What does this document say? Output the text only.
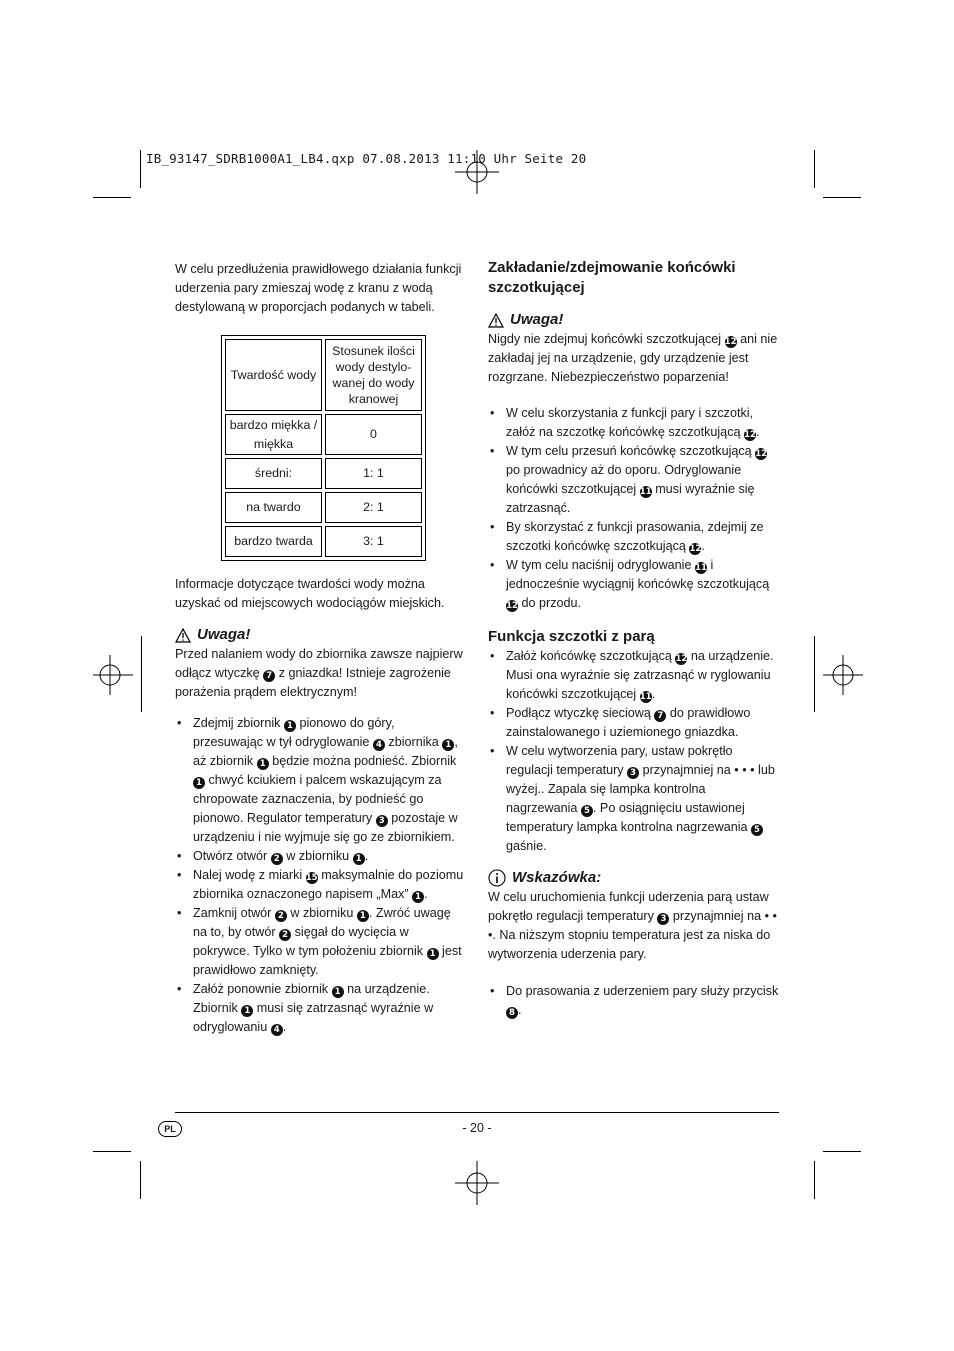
IB_93147_SDRB1000A1_LB4.qxp 07.08.2013 11:10 Uhr Seite 20

W celu przedłużenia prawidłowego działania funkcji uderzenia pary zmieszaj wodę z kranu z wodą destylowaną w proporcjach podanych w tabeli.

Twardość wody	Stosunek ilości wody destylo-wanej do wody kranowej
bardzo miękka / miękka	0
średni:	1: 1
na twardo	2: 1
bardzo twarda	3: 1

Informacje dotyczące twardości wody można uzyskać od miejscowych wodociągów miejskich.

Uwaga!

Przed nalaniem wody do zbiornika zawsze najpierw odłącz wtyczkę 7 z gniazdka! Istnieje zagrożenie porażenia prądem elektrycznym!

• Zdejmij zbiornik 1 pionowo do góry, przesuwając w tył odryglowanie 4 zbiornika 1 , aż zbiornik 1 będzie można podnieść. Zbiornik 1 chwyć kciukiem i palcem wskazującym za chropowate zaznaczenia, by podnieść go pionowo. Regulator temperatury 3 pozostaje w urządzeniu i nie wyjmuje się go ze zbiornikiem.
• Otwórz otwór 2 w zbiorniku 1 .
• Nalej wodę z miarki 15 maksymalnie do poziomu zbiornika oznaczonego napisem „Max” 1 .
• Zamknij otwór 2 w zbiorniku 1 . Zwróć uwagę na to, by otwór 2 sięgał do wycięcia w pokrywce. Tylko w tym położeniu zbiornik 1 jest prawidłowo zamknięty.
• Załóż ponownie zbiornik 1 na urządzenie. Zbiornik 1 musi się zatrzasnąć wyraźnie w odryglowaniu 4 .
Zakładanie/zdejmowanie końcówki szczotkującej
Uwaga!

Nigdy nie zdejmuj końcówki szczotkującej 12 ani nie zakładaj jej na urządzenie, gdy urządzenie jest rozgrzane. Niebezpieczeństwo poparzenia!

• W celu skorzystania z funkcji pary i szczotki, załóż na szczotkę końcówkę szczotkującą 12.
• W tym celu przesuń końcówkę szczotkującą 12 po prowadnicy aż do oporu. Odryglowanie końcówki szczotkującej 11 musi wyraźnie się zatrzasnąć.
• By skorzystać z funkcji prasowania, zdejmij ze szczotki końcówkę szczotkującą 12.
• W tym celu naciśnij odryglowanie 11 i jednocześnie wyciągnij końcówkę szczotkującą 12 do przodu.
Funkcja szczotki z parą
• Załóż końcówkę szczotkującą 12 na urządzenie. Musi ona wyraźnie się zatrzasnąć w ryglowaniu końcówki szczotkującej 11.
• Podłącz wtyczkę sieciową 7 do prawidłowo zainstalowanego i uziemionego gniazdka.
• W celu wytworzenia pary, ustaw pokrętło regulacji temperatury 3 przynajmniej na • • • lub wyżej.. Zapala się lampka kontrolna nagrzewania 5 . Po osiągnięciu ustawionej temperatury lampka kontrolna nagrzewania 5 gaśnie.
Wskazówka:

W celu uruchomienia funkcji uderzenia parą ustaw pokrętło regulacji temperatury 3 przynajmniej na • • •. Na niższym stopniu temperatura jest za niska do wytworzenia uderzenia pary.

• Do prasowania z uderzeniem pary służy przycisk 8 .
PL	- 20 -
